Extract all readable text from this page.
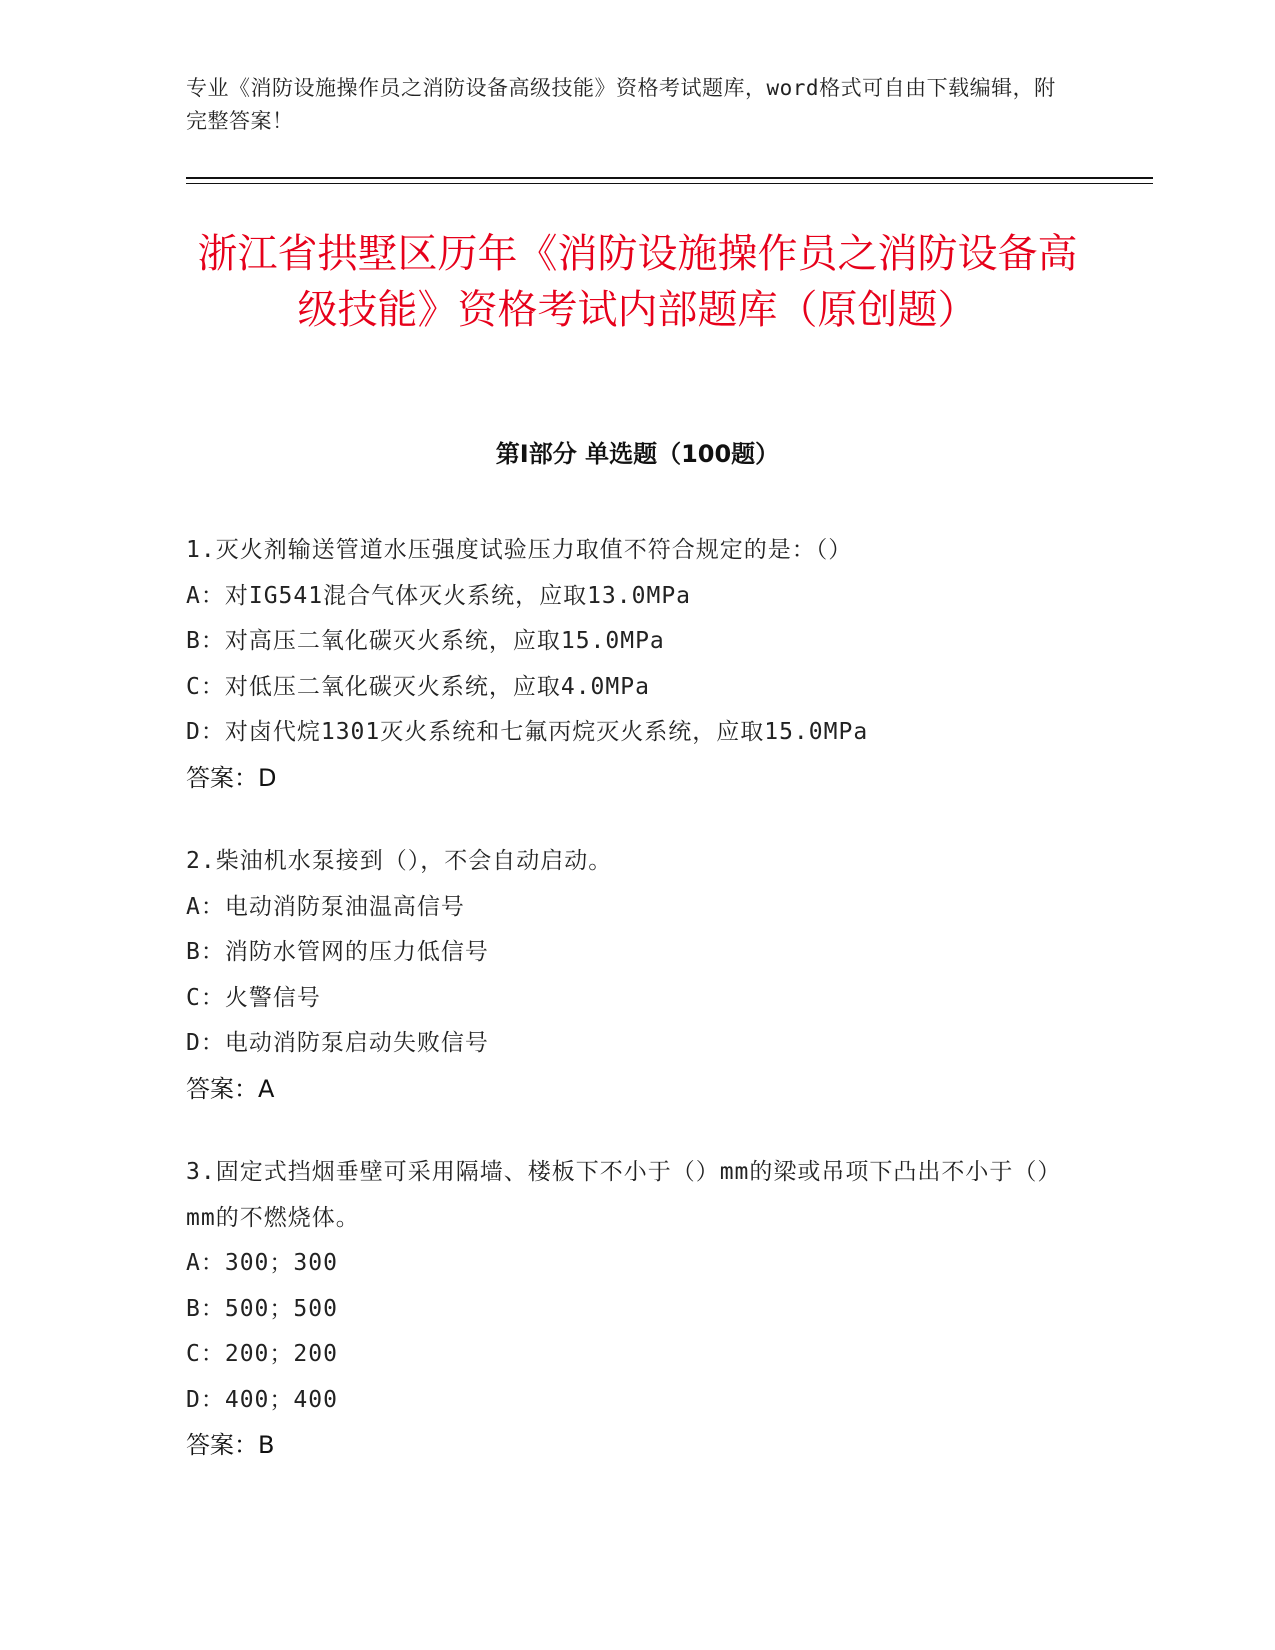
专业《消防设施操作员之消防设备高级技能》资格考试题库，word格式可自由下载编辑，附完整答案！
浙江省拱墅区历年《消防设施操作员之消防设备高级技能》资格考试内部题库（原创题）
第I部分 单选题（100题）
1.灭火剂输送管道水压强度试验压力取值不符合规定的是：（）
A：对IG541混合气体灭火系统，应取13.0MPa
B：对高压二氧化碳灭火系统，应取15.0MPa
C：对低压二氧化碳灭火系统，应取4.0MPa
D：对卤代烷1301灭火系统和七氟丙烷灭火系统，应取15.0MPa
答案：D
2.柴油机水泵接到（），不会自动启动。
A：电动消防泵油温高信号
B：消防水管网的压力低信号
C：火警信号
D：电动消防泵启动失败信号
答案：A
3.固定式挡烟垂壁可采用隔墙、楼板下不小于（）mm的梁或吊项下凸出不小于（）mm的不燃烧体。
A：300；300
B：500；500
C：200；200
D：400；400
答案：B
